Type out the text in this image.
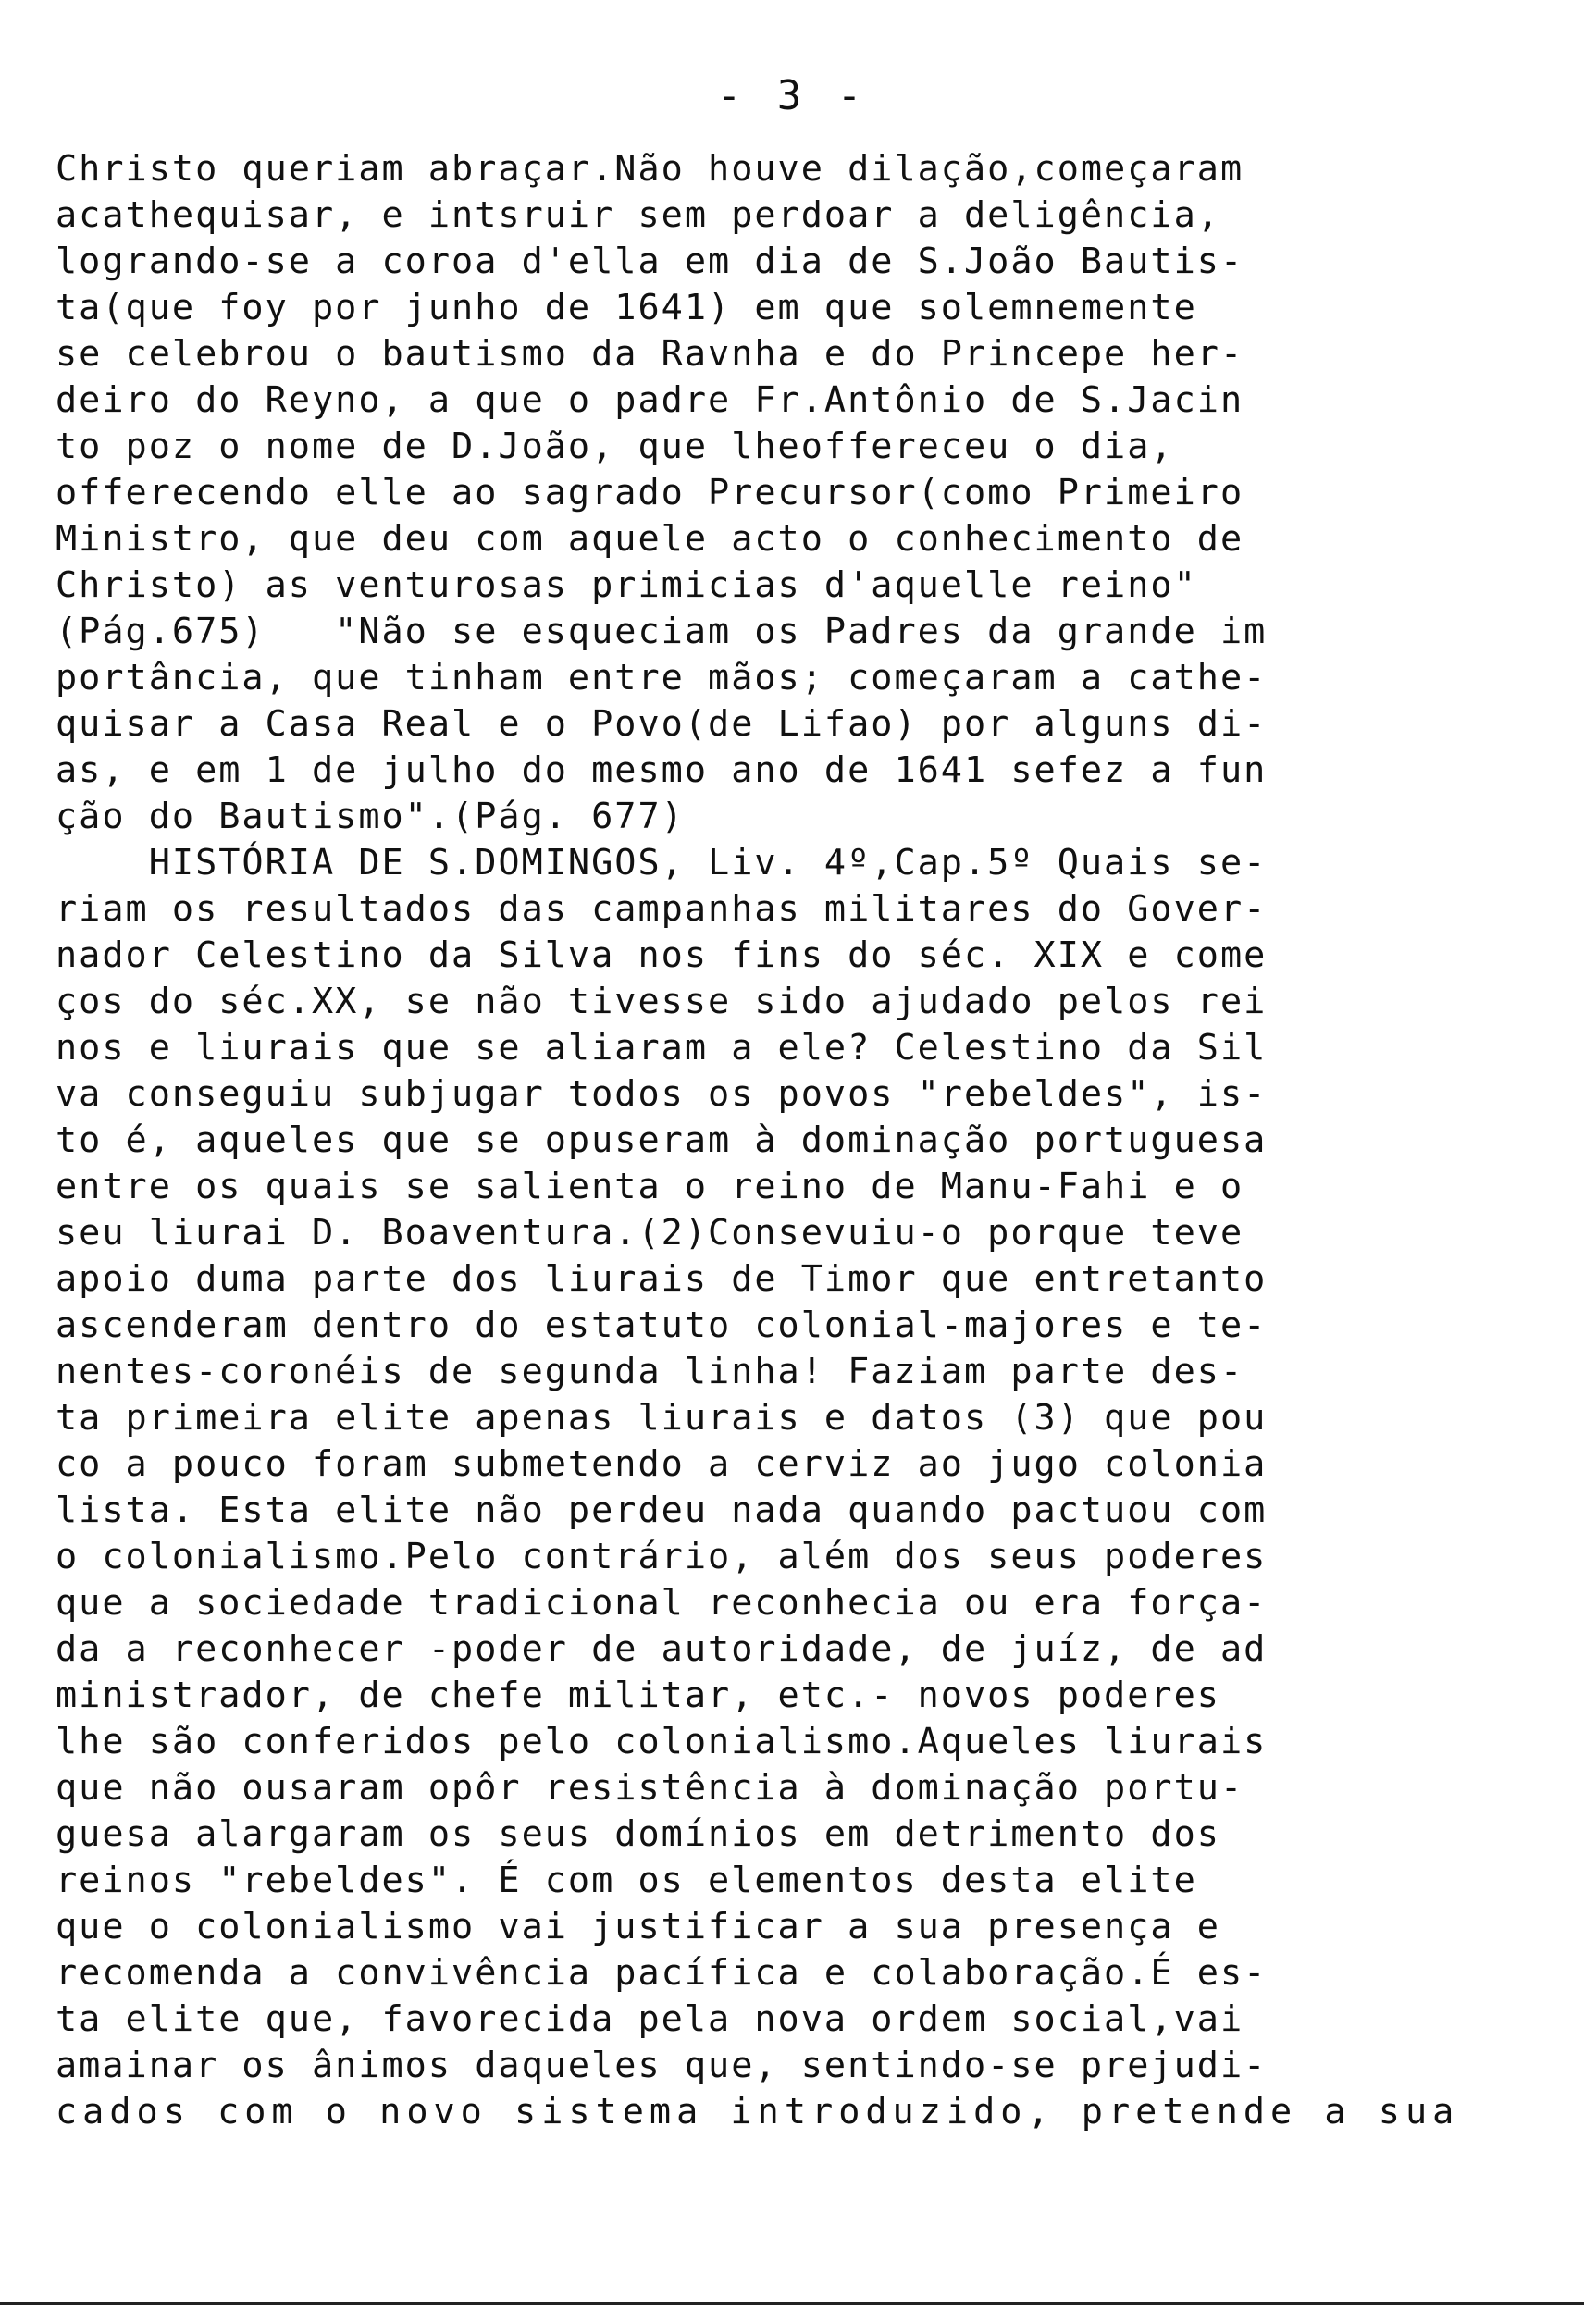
- 3 -
Christo queriam abraçar.Não houve dilação,começaram
acathequisar, e intsruir sem perdoar a deligência,
logrando-se a coroa d'ella em dia de S.João Bautis-
ta(que foy por junho de 1641) em que solemnemente
se celebrou o bautismo da Ravnha e do Princepe her-
deiro do Reyno, a que o padre Fr.Antônio de S.Jacin
to poz o nome de D.João, que lheoffereceu o dia,
offerecendo elle ao sagrado Precursor(como Primeiro
Ministro, que deu com aquele acto o conhecimento de
Christo) as venturosas primicias d'aquelle reino"
(Pág.675)   "Não se esqueciam os Padres da grande im
portância, que tinham entre mãos; começaram a cathe-
quisar a Casa Real e o Povo(de Lifao) por alguns di-
as, e em 1 de julho do mesmo ano de 1641 sefez a fun
ção do Bautismo".(Pág. 677)
HISTÓRIA DE S.DOMINGOS, Liv. 4º,Cap.5º Quais se-
riam os resultados das campanhas militares do Gover-
nador Celestino da Silva nos fins do séc. XIX e come
ços do séc.XX, se não tivesse sido ajudado pelos rei
nos e liurais que se aliaram a ele? Celestino da Sil
va conseguiu subjugar todos os povos "rebeldes", is-
to é, aqueles que se opuseram à dominação portuguesa
entre os quais se salienta o reino de Manu-Fahi e o
seu liurai D. Boaventura.(2)Consevuiu-o porque teve
apoio duma parte dos liurais de Timor que entretanto
ascenderam dentro do estatuto colonial-majores e te-
nentes-coronéis de segunda linha! Faziam parte des-
ta primeira elite apenas liurais e datos (3) que pou
co a pouco foram submetendo a cerviz ao jugo colonia
lista. Esta elite não perdeu nada quando pactuou com
o colonialismo.Pelo contrário, além dos seus poderes
que a sociedade tradicional reconhecia ou era força-
da a reconhecer -poder de autoridade, de juíz, de ad
ministrador, de chefe militar, etc.- novos poderes
lhe são conferidos pelo colonialismo.Aqueles liurais
que não ousaram opôr resistência à dominação portu-
guesa alargaram os seus domínios em detrimento dos
reinos "rebeldes". É com os elementos desta elite
que o colonialismo vai justificar a sua presença e
recomenda a convivência pacífica e colaboração.É es-
ta elite que, favorecida pela nova ordem social,vai
amainar os ânimos daqueles que, sentindo-se prejudi-
cados com o novo sistema introduzido, pretende a sua
